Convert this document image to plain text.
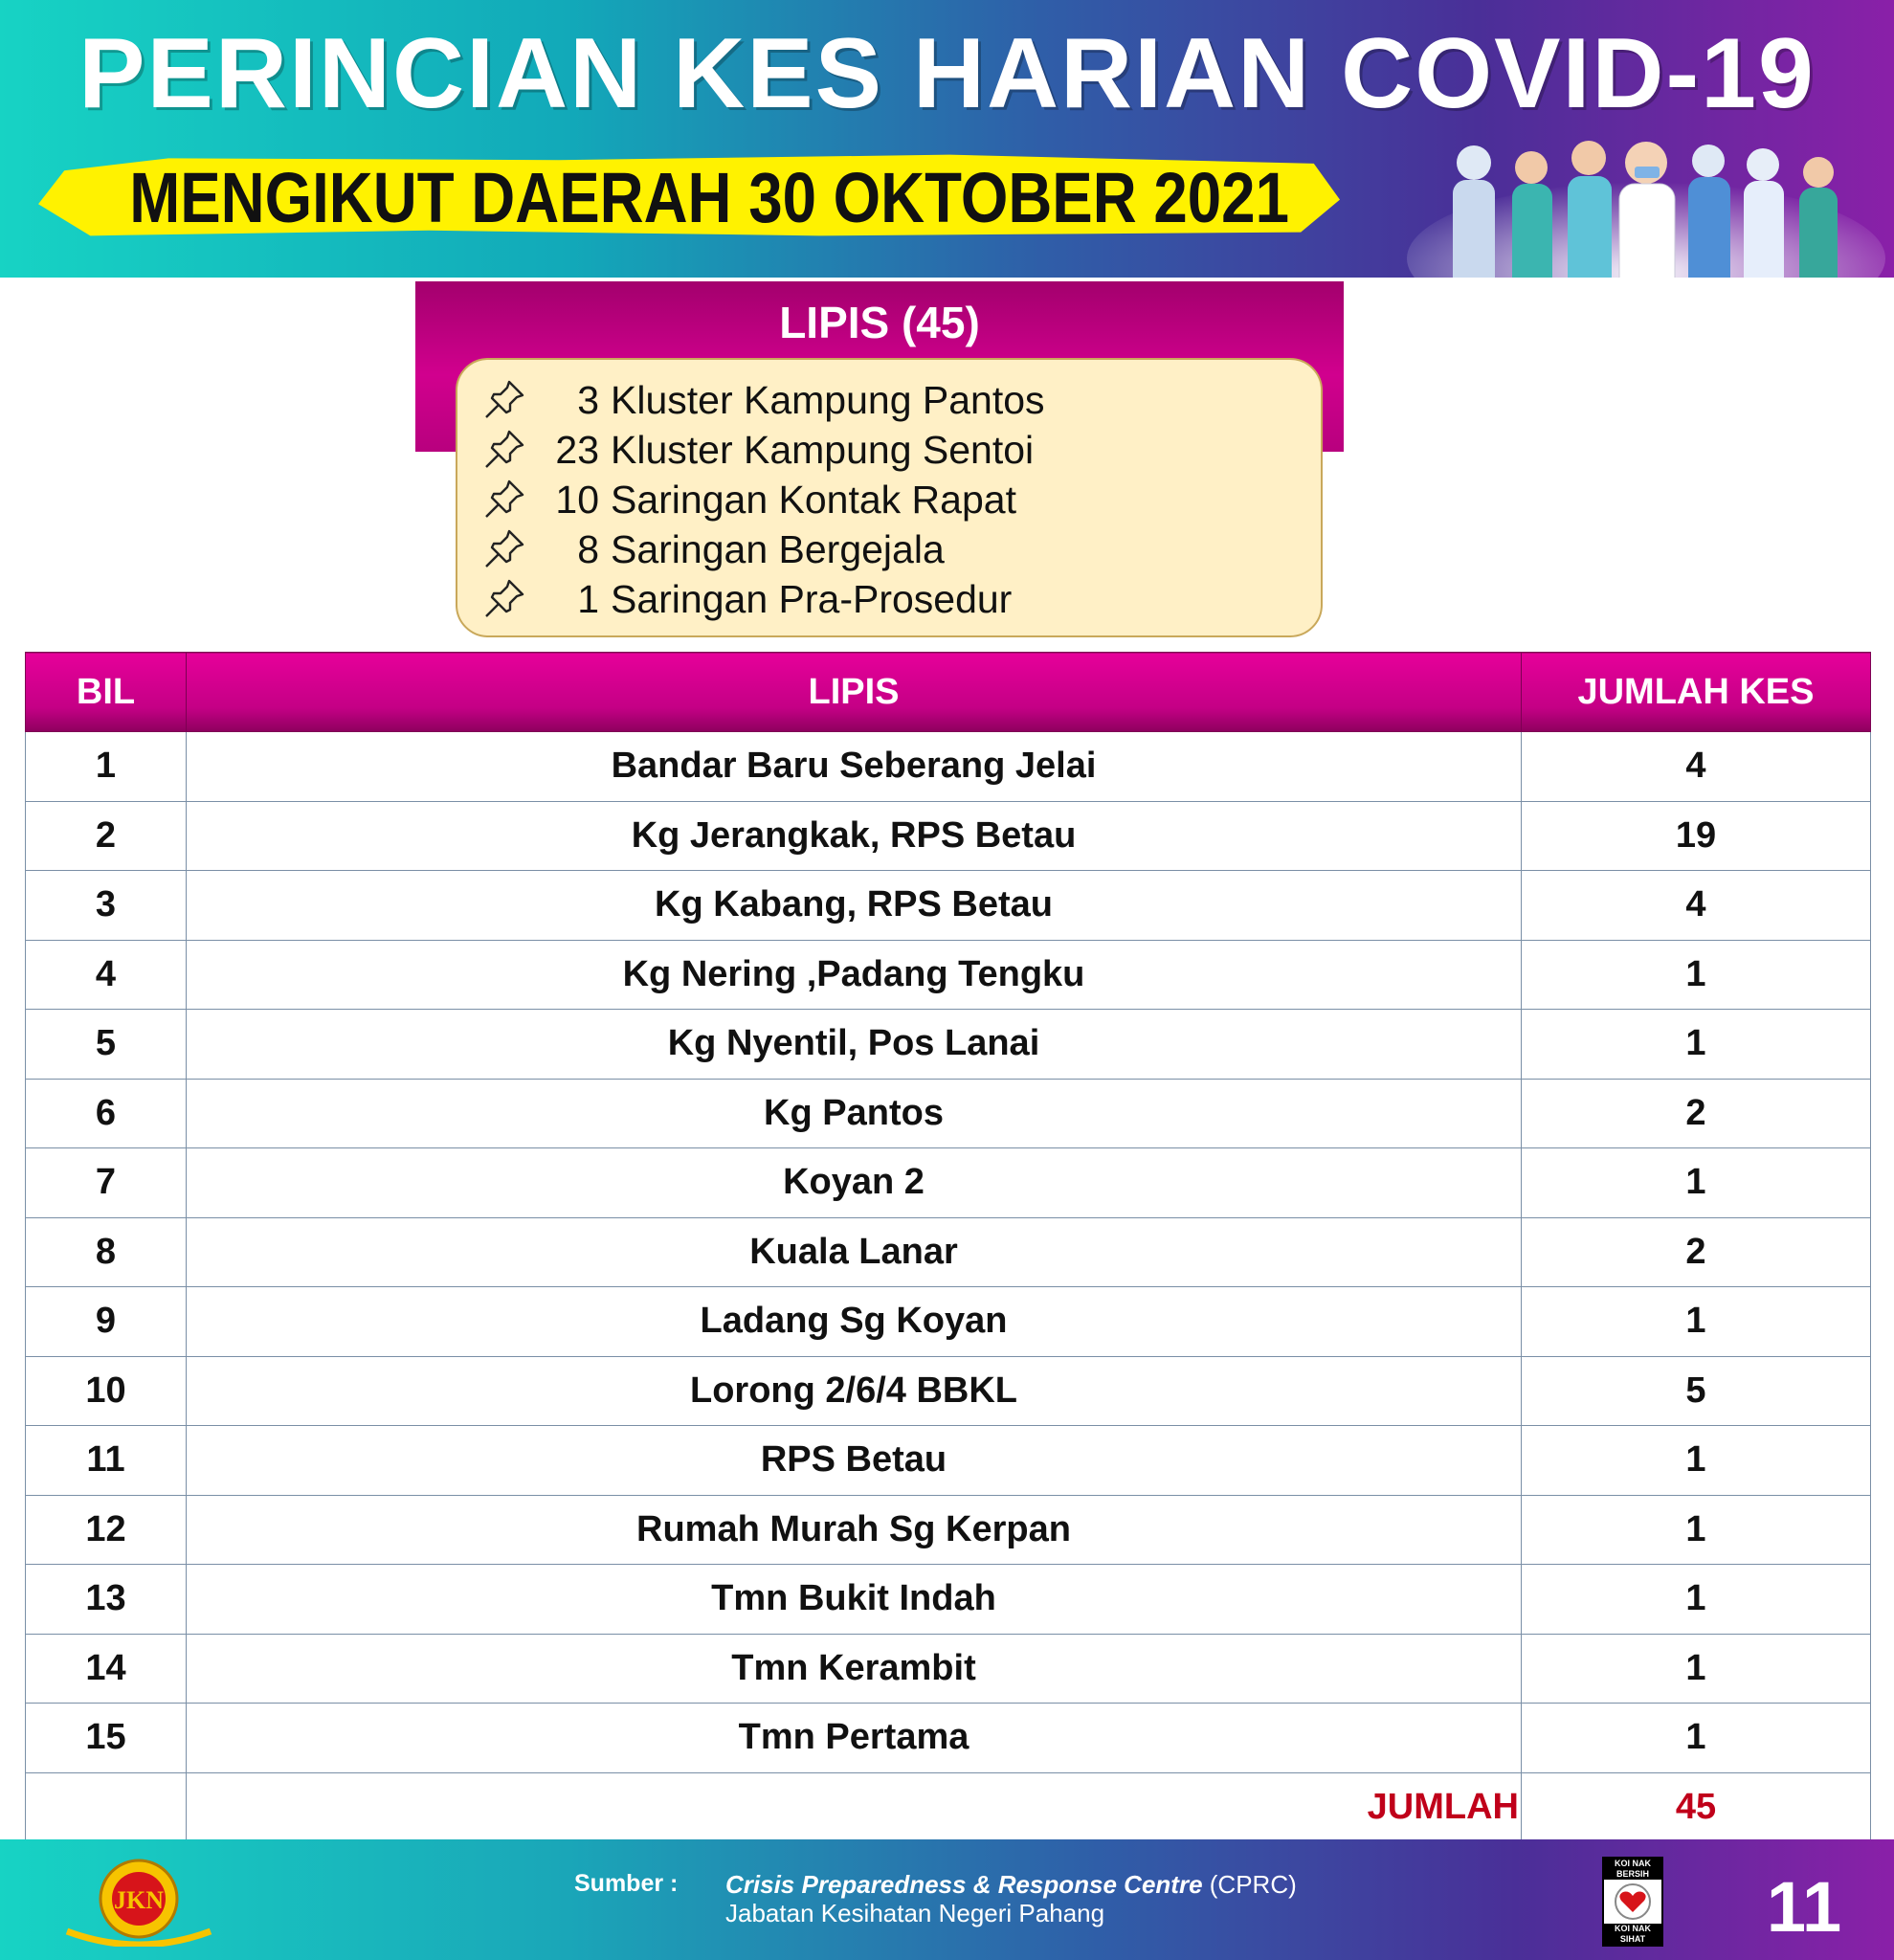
PERINCIAN KES HARIAN COVID-19
MENGIKUT DAERAH 30 OKTOBER 2021
LIPIS (45)
3 Kluster Kampung Pantos
23 Kluster Kampung Sentoi
10 Saringan Kontak Rapat
8 Saringan Bergejala
1 Saringan Pra-Prosedur
BIL	LIPIS	JUMLAH KES
1	Bandar Baru Seberang Jelai	4
2	Kg Jerangkak, RPS Betau	19
3	Kg Kabang, RPS Betau	4
4	Kg Nering ,Padang Tengku	1
5	Kg Nyentil, Pos Lanai	1
6	Kg Pantos	2
7	Koyan 2	1
8	Kuala Lanar	2
9	Ladang Sg Koyan	1
10	Lorong 2/6/4 BBKL	5
11	RPS Betau	1
12	Rumah Murah Sg Kerpan	1
13	Tmn Bukit Indah	1
14	Tmn Kerambit	1
15	Tmn Pertama	1
	JUMLAH	45
JKN
Sumber : Crisis Preparedness & Response Centre (CPRC)
Jabatan Kesihatan Negeri Pahang
KOI NAK BERSIH
KOI NAK SIHAT 11
